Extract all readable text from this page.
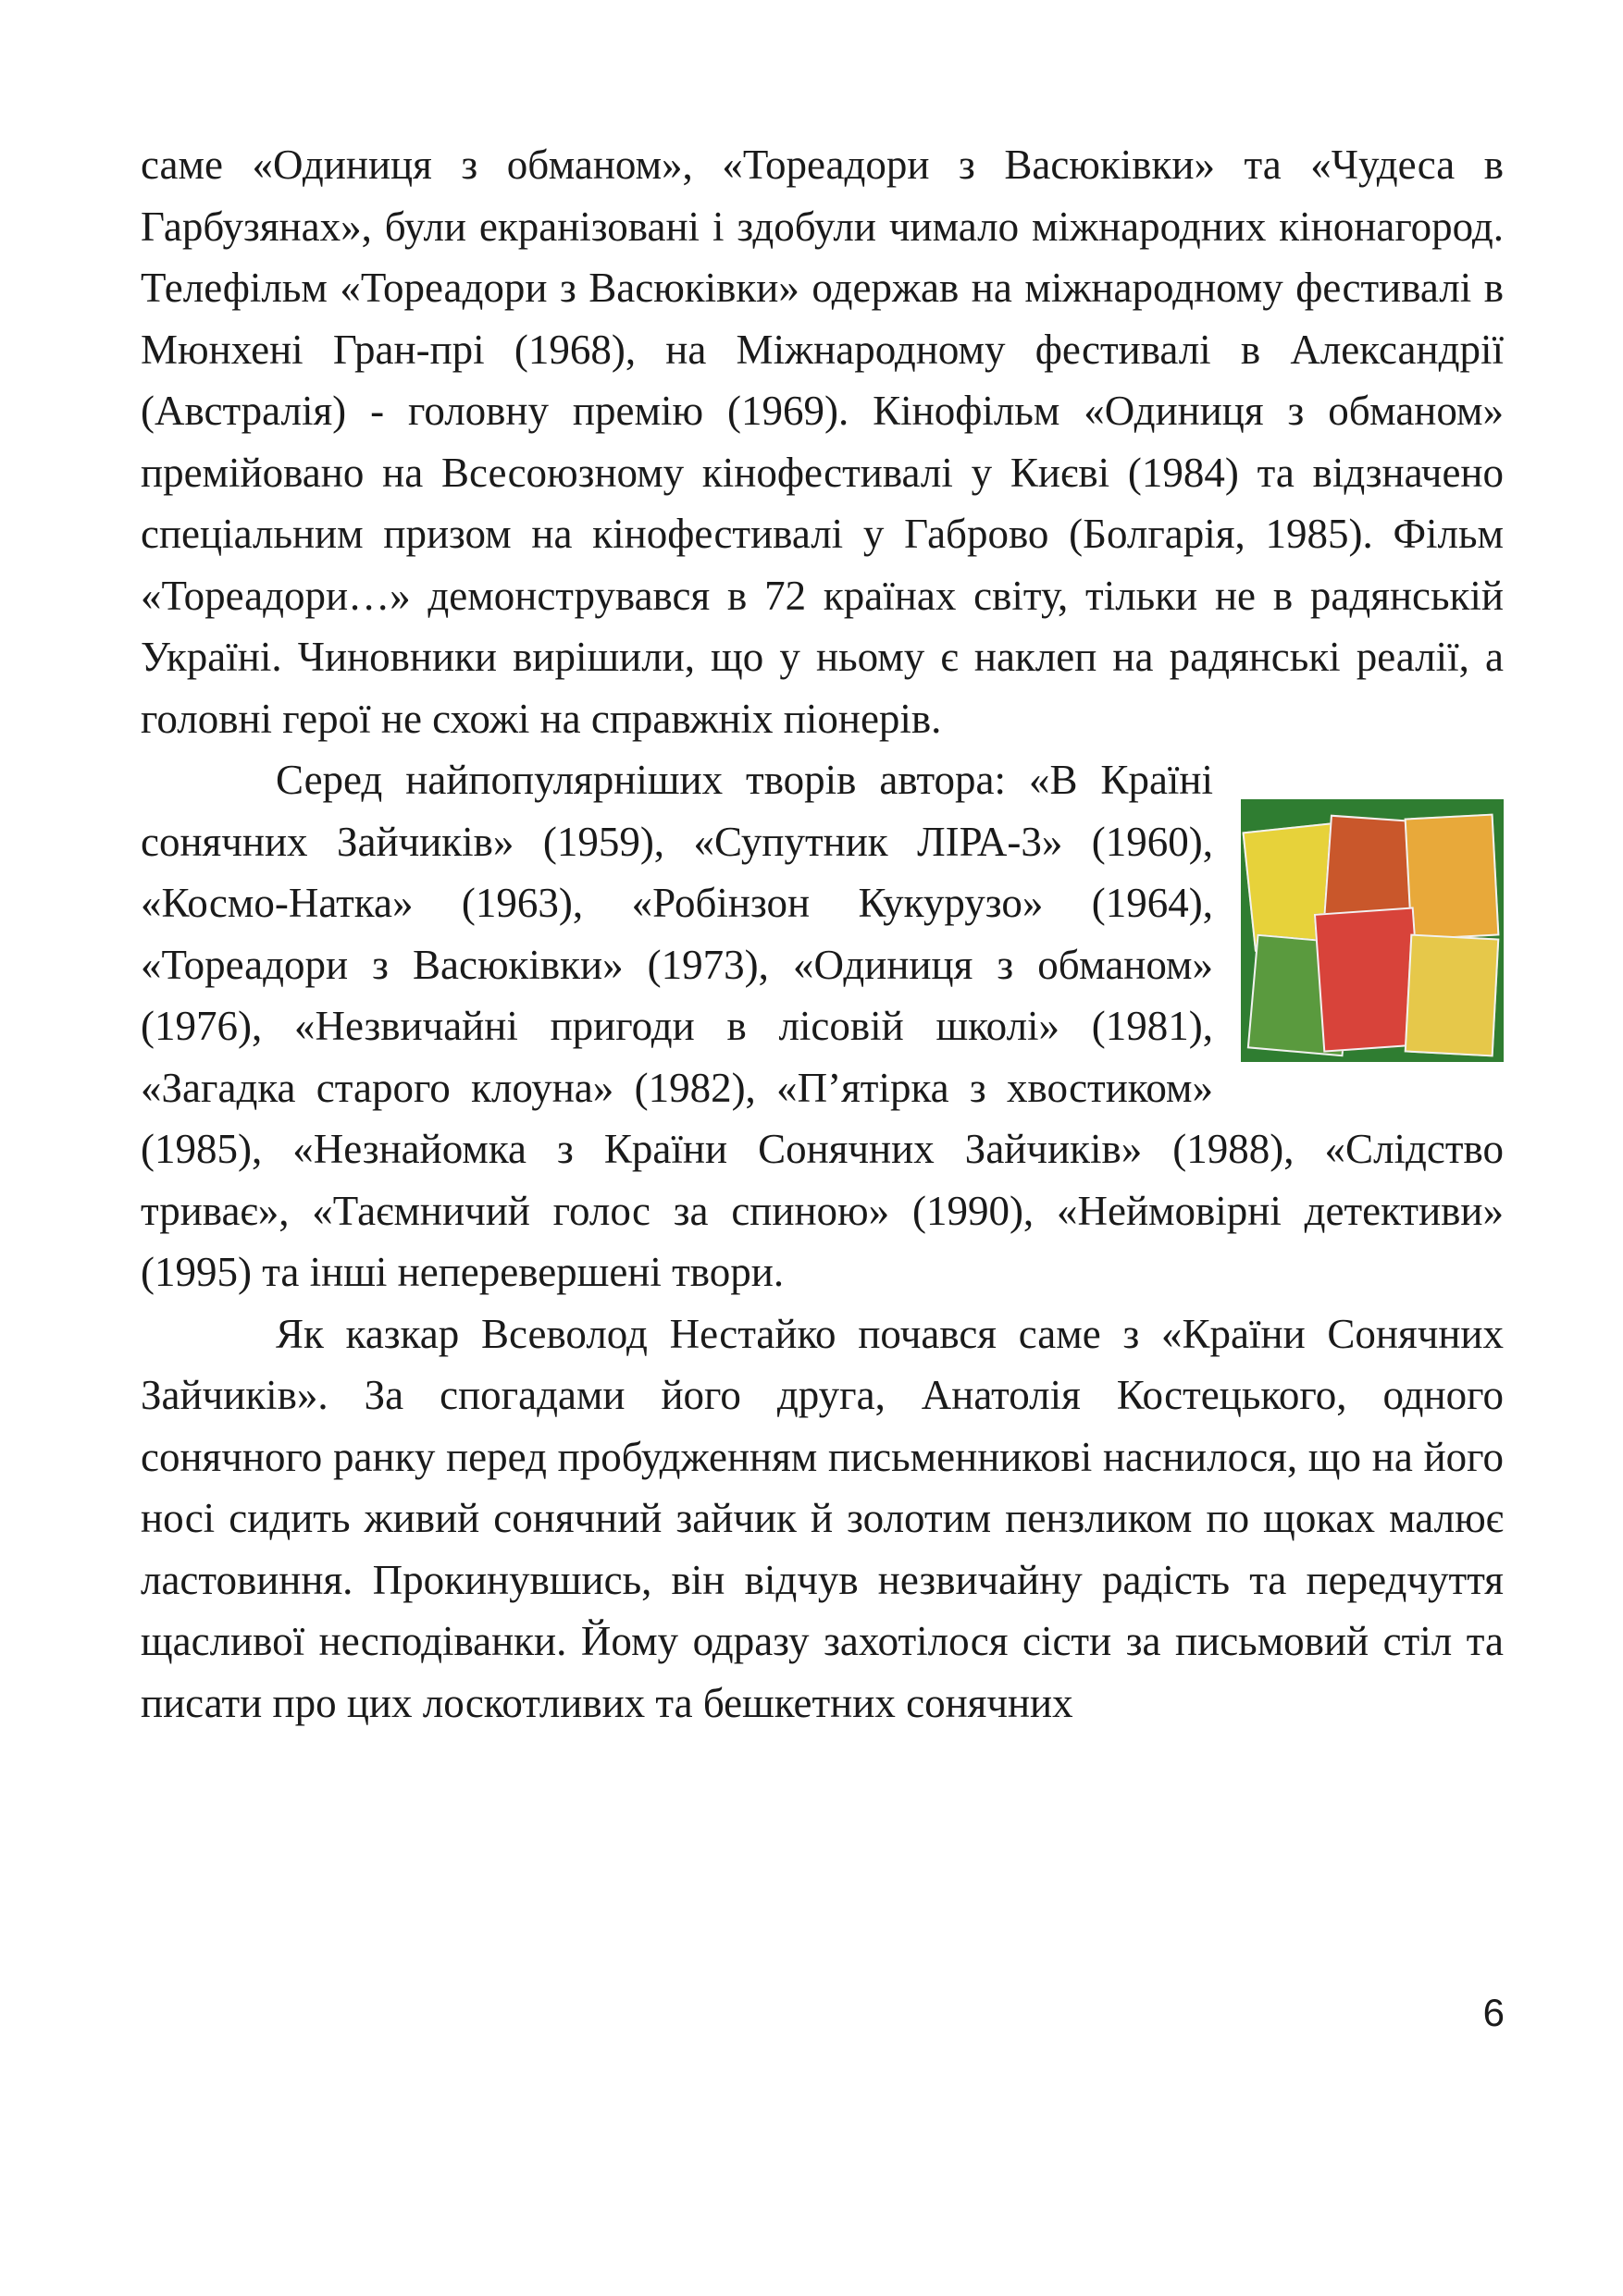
саме «Одиниця з обманом», «Тореадори з Васюківки» та «Чудеса в Гарбузянах», були екранізовані і здобули чимало міжнародних кінонагород. Телефільм «Тореадори з Васюківки» одержав на міжнародному фестивалі в Мюнхені Гран-прі (1968), на Міжнародному фестивалі в Александрії (Австралія) - головну премію (1969). Кінофільм «Одиниця з обманом» премійовано на Всесоюзному кінофестивалі у Києві (1984) та відзначено спеціальним призом на кінофестивалі у Габрово (Болгарія, 1985). Фільм «Тореадори…» демонструвався в 72 країнах світу, тільки не в радянській Україні. Чиновники вирішили, що у ньому є наклеп на радянські реалії, а головні герої не схожі на справжніх піонерів.

Серед найпопулярніших творів автора: «В Країні сонячних Зайчиків» (1959), «Супутник ЛІРА-3» (1960), «Космо-Натка» (1963), «Робінзон Кукурузо» (1964), «Тореадори з Васюківки» (1973), «Одиниця з обманом» (1976), «Незвичайні пригоди в лісовій школі» (1981), «Загадка старого клоуна» (1982), «П’ятірка з хвостиком» (1985), «Незнайомка з Країни Сонячних Зайчиків» (1988), «Слідство триває», «Таємничий голос за спиною» (1990), «Неймовірні детективи» (1995) та інші неперевершені твори.

Як казкар Всеволод Нестайко почався саме з «Країни Сонячних Зайчиків». За спогадами його друга, Анатолія Костецького, одного сонячного ранку перед пробудженням письменникові наснилося, що на його носі сидить живий сонячний зайчик й золотим пензликом по щоках малює ластовиння. Прокинувшись, він відчув незвичайну радість та передчуття щасливої несподіванки. Йому одразу захотілося сісти за письмовий стіл та писати про цих лоскотливих та бешкетних сонячних

6
